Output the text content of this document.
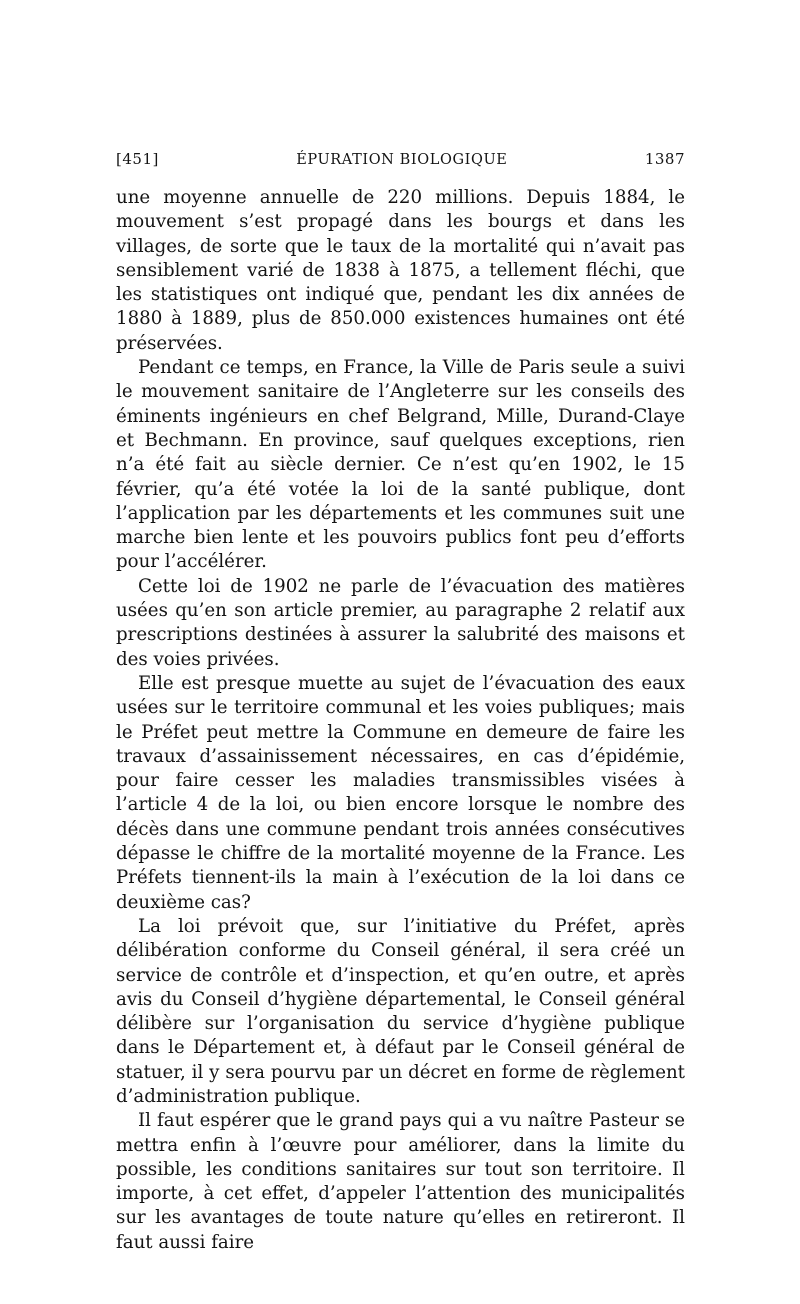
[451]	ÉPURATION BIOLOGIQUE	1387

une moyenne annuelle de 220 millions. Depuis 1884, le mouvement s’est propagé dans les bourgs et dans les villages, de sorte que le taux de la mortalité qui n’avait pas sensiblement varié de 1838 à 1875, a tellement fléchi, que les statistiques ont indiqué que, pendant les dix années de 1880 à 1889, plus de 850.000 existences humaines ont été préservées.

Pendant ce temps, en France, la Ville de Paris seule a suivi le mouvement sanitaire de l’Angleterre sur les conseils des éminents ingénieurs en chef Belgrand, Mille, Durand-Claye et Bechmann. En province, sauf quelques exceptions, rien n’a été fait au siècle dernier. Ce n’est qu’en 1902, le 15 février, qu’a été votée la loi de la santé publique, dont l’application par les départements et les communes suit une marche bien lente et les pouvoirs publics font peu d’efforts pour l’accélérer.

Cette loi de 1902 ne parle de l’évacuation des matières usées qu’en son article premier, au paragraphe 2 relatif aux prescriptions destinées à assurer la salubrité des maisons et des voies privées.

Elle est presque muette au sujet de l’évacuation des eaux usées sur le territoire communal et les voies publiques; mais le Préfet peut mettre la Commune en demeure de faire les travaux d’assainissement nécessaires, en cas d’épidémie, pour faire cesser les maladies transmissibles visées à l’article 4 de la loi, ou bien encore lorsque le nombre des décès dans une commune pendant trois années consécutives dépasse le chiffre de la mortalité moyenne de la France. Les Préfets tiennent-ils la main à l’exécution de la loi dans ce deuxième cas?

La loi prévoit que, sur l’initiative du Préfet, après délibération conforme du Conseil général, il sera créé un service de contrôle et d’inspection, et qu’en outre, et après avis du Conseil d’hygiène départemental, le Conseil général délibère sur l’organisation du service d’hygiène publique dans le Département et, à défaut par le Conseil général de statuer, il y sera pourvu par un décret en forme de règlement d’administration publique.

Il faut espérer que le grand pays qui a vu naître Pasteur se mettra enfin à l’œuvre pour améliorer, dans la limite du possible, les conditions sanitaires sur tout son territoire. Il importe, à cet effet, d’appeler l’attention des municipalités sur les avantages de toute nature qu’elles en retireront. Il faut aussi faire
